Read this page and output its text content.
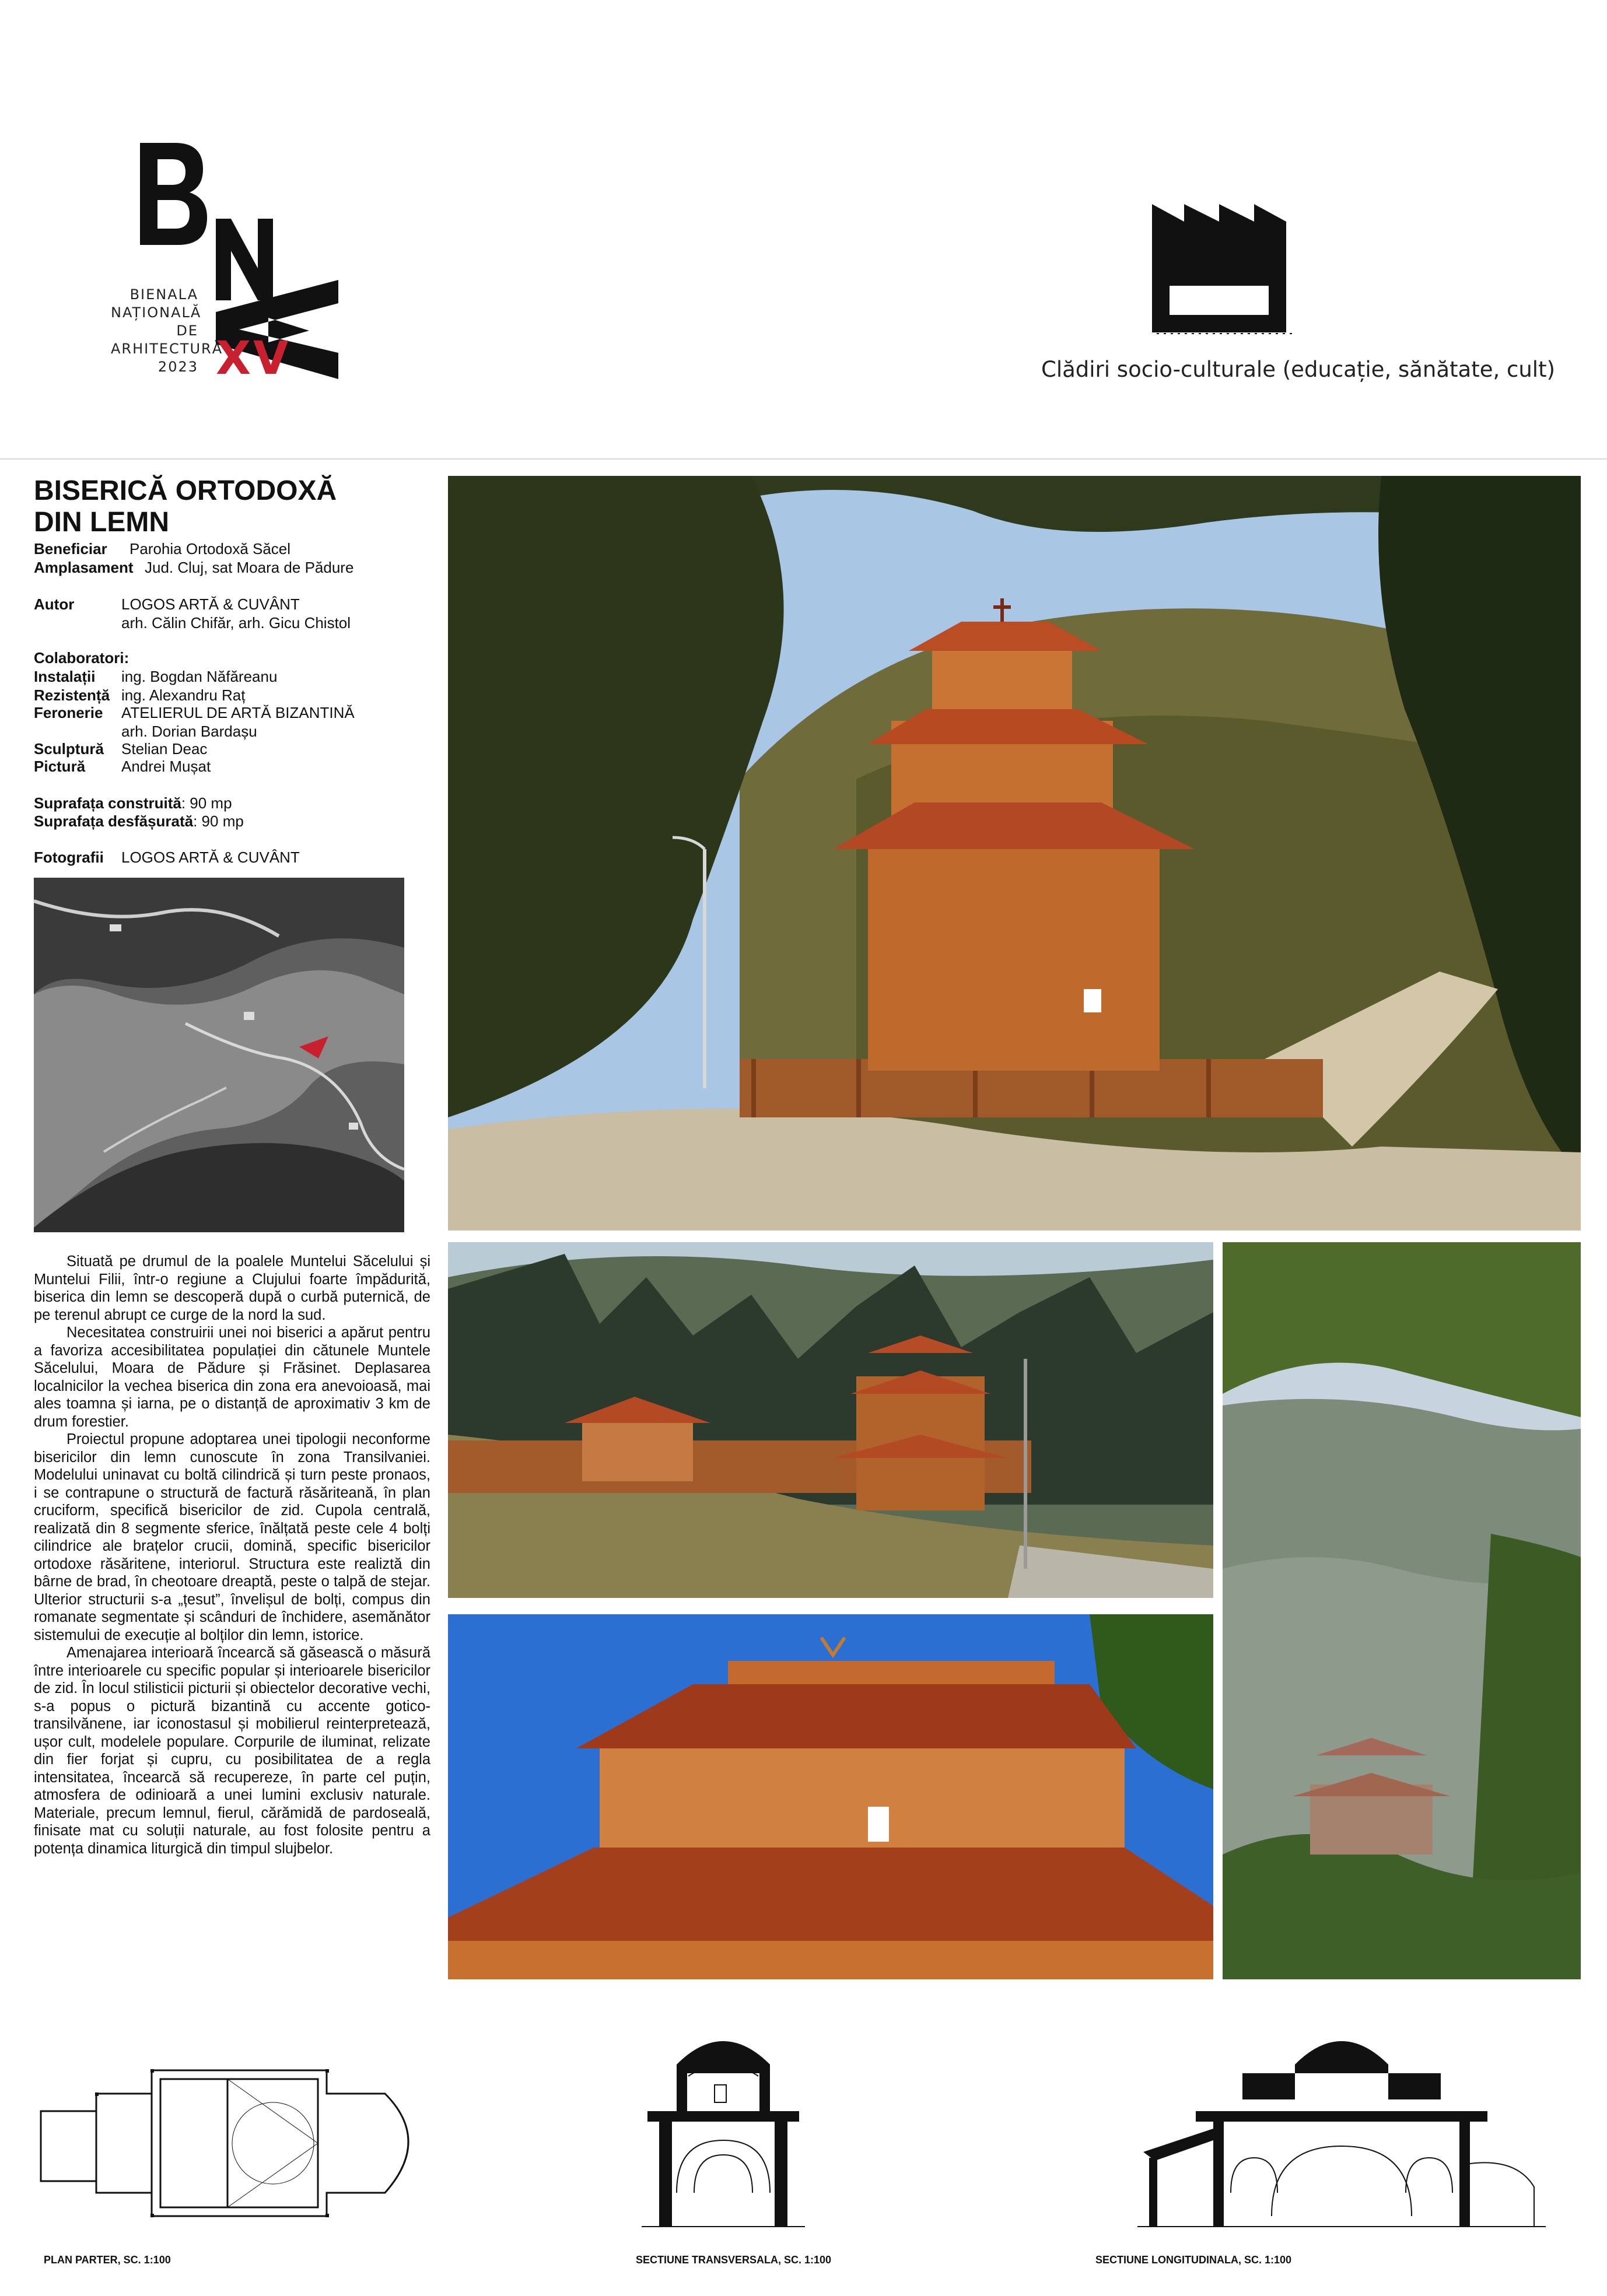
BIENALA
NAȚIONALĂ
DE
ARHITECTURĂ
2023 XV	Clădiri socio-culturale (educație, sănătate, cult)
BISERICĂ ORTODOXĂ
DIN LEMN
Beneficiar Parohia Ortodoxă Săcel
Amplasament Jud. Cluj, sat Moara de Pădure
Autor	LOGOS ARTĂ & CUVÂNT
arh. Călin Chifăr, arh. Gicu Chistol
Colaboratori:
Instalații ing. Bogdan Năfăreanu
Rezistență ing. Alexandru Raț
Feronerie ATELIERUL DE ARTĂ BIZANTINĂ
arh. Dorian Bardașu
Sculptură Stelian Deac
Pictură Andrei Mușat
Suprafața construită: 90 mp
Suprafața desfășurată: 90 mp
Fotografii LOGOS ARTĂ & CUVÂNT

Situată pe drumul de la poalele Muntelui Săcelului și Muntelui Filii, într-o regiune a Clujului foarte împădurită, biserica din lemn se descoperă după o curbă puternică, de pe terenul abrupt ce curge de la nord la sud.

Necesitatea construirii unei noi biserici a apărut pentru a favoriza accesibilitatea populației din cătunele Muntele Săcelului, Moara de Pădure și Frăsinet. Deplasarea localnicilor la vechea biserica din zona era anevoioasă, mai ales toamna și iarna, pe o distanță de aproximativ 3 km de drum forestier.

Proiectul propune adoptarea unei tipologii neconforme bisericilor din lemn cunoscute în zona Transilvaniei. Modelului uninavat cu boltă cilindrică și turn peste pronaos, i se contrapune o structură de factură răsăriteană, în plan cruciform, specifică bisericilor de zid. Cupola centrală, realizată din 8 segmente sferice, înălțată peste cele 4 bolți cilindrice ale brațelor crucii, domină, specific bisericilor ortodoxe răsăritene, interiorul. Structura este realiztă din bârne de brad, în cheotoare dreaptă, peste o talpă de stejar. Ulterior structurii s-a „țesut”, învelișul de bolți, compus din romanate segmentate și scânduri de închidere, asemănător sistemului de execuție al bolților din lemn, istorice.

Amenajarea interioară încearcă să găsească o măsură între interioarele cu specific popular și interioarele bisericilor de zid. În locul stilisticii picturii și obiectelor decorative vechi, s-a popus o pictură bizantină cu accente gotico-transilvănene, iar iconostasul și mobilierul reinterpretează, ușor cult, modelele populare. Corpurile de iluminat, relizate din fier forjat și cupru, cu posibilitatea de a regla intensitatea, încearcă să recupereze, în parte cel puțin, atmosfera de odinioară a unei lumini exclusiv naturale. Materiale, precum lemnul, fierul, cărămidă de pardoseală, finisate mat cu soluții naturale, au fost folosite pentru a potența dinamica liturgică din timpul slujbelor.

PLAN PARTER, SC. 1:100	SECTIUNE TRANSVERSALA, SC. 1:100	SECTIUNE LONGITUDINALA, SC. 1:100
